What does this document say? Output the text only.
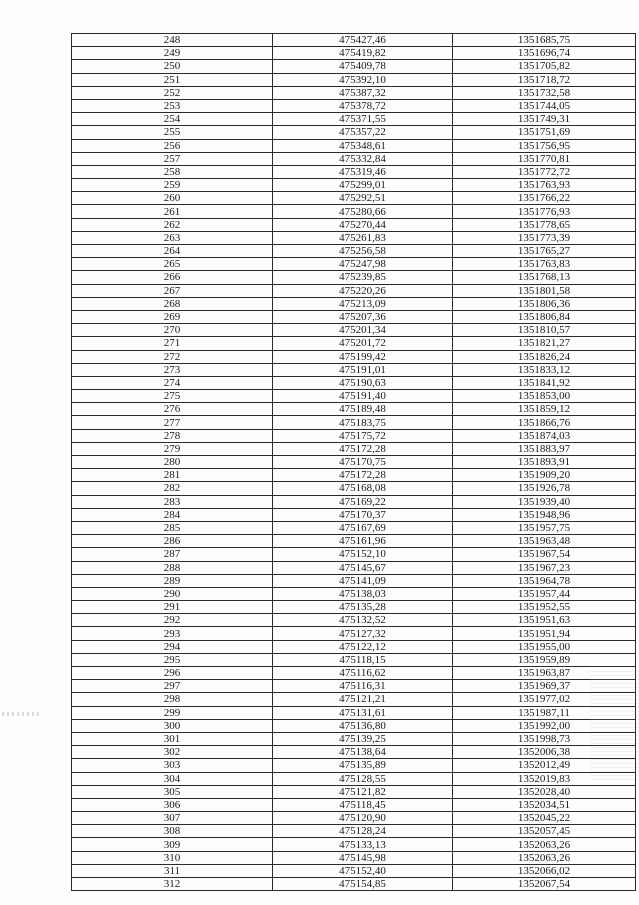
248	475427,46	1351685,75
249	475419,82	1351696,74
250	475409,78	1351705,82
251	475392,10	1351718,72
252	475387,32	1351732,58
253	475378,72	1351744,05
254	475371,55	1351749,31
255	475357,22	1351751,69
256	475348,61	1351756,95
257	475332,84	1351770,81
258	475319,46	1351772,72
259	475299,01	1351763,93
260	475292,51	1351766,22
261	475280,66	1351776,93
262	475270,44	1351778,65
263	475261,83	1351773,39
264	475256,58	1351765,27
265	475247,98	1351763,83
266	475239,85	1351768,13
267	475220,26	1351801,58
268	475213,09	1351806,36
269	475207,36	1351806,84
270	475201,34	1351810,57
271	475201,72	1351821,27
272	475199,42	1351826,24
273	475191,01	1351833,12
274	475190,63	1351841,92
275	475191,40	1351853,00
276	475189,48	1351859,12
277	475183,75	1351866,76
278	475175,72	1351874,03
279	475172,28	1351883,97
280	475170,75	1351893,91
281	475172,28	1351909,20
282	475168,08	1351926,78
283	475169,22	1351939,40
284	475170,37	1351948,96
285	475167,69	1351957,75
286	475161,96	1351963,48
287	475152,10	1351967,54
288	475145,67	1351967,23
289	475141,09	1351964,78
290	475138,03	1351957,44
291	475135,28	1351952,55
292	475132,52	1351951,63
293	475127,32	1351951,94
294	475122,12	1351955,00
295	475118,15	1351959,89
296	475116,62	1351963,87
297	475116,31	1351969,37
298	475121,21	1351977,02
299	475131,61	1351987,11
300	475136,80	1351992,00
301	475139,25	1351998,73
302	475138,64	1352006,38
303	475135,89	1352012,49
304	475128,55	1352019,83
305	475121,82	1352028,40
306	475118,45	1352034,51
307	475120,90	1352045,22
308	475128,24	1352057,45
309	475133,13	1352063,26
310	475145,98	1352063,26
311	475152,40	1352066,02
312	475154,85	1352067,54
